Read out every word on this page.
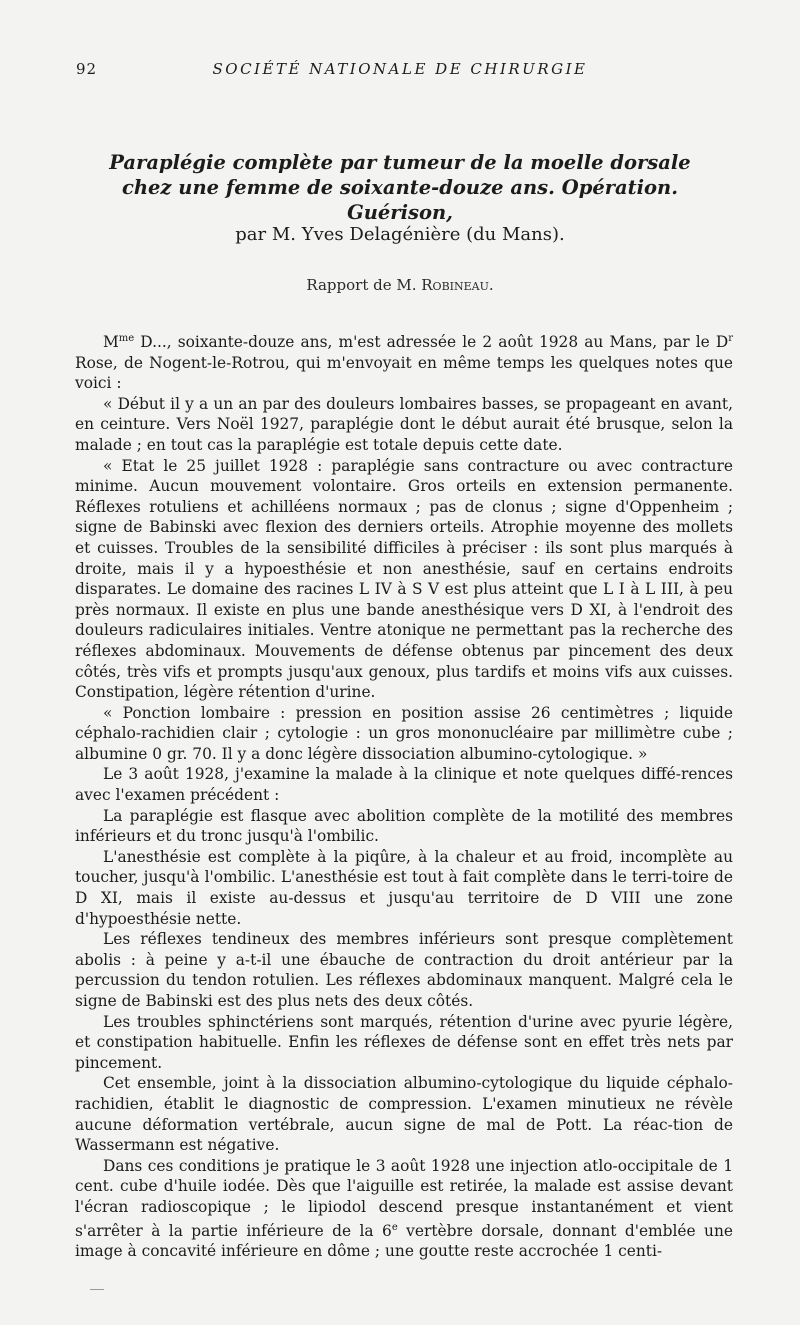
92	SOCIÉTÉ NATIONALE DE CHIRURGIE
Paraplégie complète par tumeur de la moelle dorsale
chez une femme de soixante-douze ans. Opération. Guérison,
par M. Yves Delagénière (du Mans).
Rapport de M. Robineau.

$M^{me}$ D..., soixante-douze ans, m'est adressée le 2 août 1928 au Mans, par le $D^r$ Rose, de Nogent-le-Rotrou, qui m'envoyait en même temps les quelques notes que voici :

« Début il y a un an par des douleurs lombaires basses, se propageant en avant, en ceinture. Vers Noël 1927, paraplégie dont le début aurait été brusque, selon la malade ; en tout cas la paraplégie est totale depuis cette date.

« Etat le 25 juillet 1928 : paraplégie sans contracture ou avec contracture minime. Aucun mouvement volontaire. Gros orteils en extension permanente. Réflexes rotuliens et achilléens normaux ; pas de clonus ; signe d'Oppenheim ; signe de Babinski avec flexion des derniers orteils. Atrophie moyenne des mollets et cuisses. Troubles de la sensibilité difficiles à préciser : ils sont plus marqués à droite, mais il y a hypoesthésie et non anesthésie, sauf en certains endroits disparates. Le domaine des racines L IV à S V est plus atteint que L I à L III, à peu près normaux. Il existe en plus une bande anesthésique vers D XI, à l'endroit des douleurs radiculaires initiales. Ventre atonique ne permettant pas la recherche des réflexes abdominaux. Mouvements de défense obtenus par pincement des deux côtés, très vifs et prompts jusqu'aux genoux, plus tardifs et moins vifs aux cuisses. Constipation, légère rétention d'urine.

« Ponction lombaire : pression en position assise 26 centimètres ; liquide céphalo-rachidien clair ; cytologie : un gros mononucléaire par millimètre cube ; albumine 0 gr. 70. Il y a donc légère dissociation albumino-cytologique. »

Le 3 août 1928, j'examine la malade à la clinique et note quelques diffé-rences avec l'examen précédent :

La paraplégie est flasque avec abolition complète de la motilité des membres inférieurs et du tronc jusqu'à l'ombilic.

L'anesthésie est complète à la piqûre, à la chaleur et au froid, incomplète au toucher, jusqu'à l'ombilic. L'anesthésie est tout à fait complète dans le terri-toire de D XI, mais il existe au-dessus et jusqu'au territoire de D VIII une zone d'hypoesthésie nette.

Les réflexes tendineux des membres inférieurs sont presque complètement abolis : à peine y a-t-il une ébauche de contraction du droit antérieur par la percussion du tendon rotulien. Les réflexes abdominaux manquent. Malgré cela le signe de Babinski est des plus nets des deux côtés.

Les troubles sphinctériens sont marqués, rétention d'urine avec pyurie légère, et constipation habituelle. Enfin les réflexes de défense sont en effet très nets par pincement.

Cet ensemble, joint à la dissociation albumino-cytologique du liquide céphalo-rachidien, établit le diagnostic de compression. L'examen minutieux ne révèle aucune déformation vertébrale, aucun signe de mal de Pott. La réac-tion de Wassermann est négative.

Dans ces conditions je pratique le 3 août 1928 une injection atlo-occipitale de 1 cent. cube d'huile iodée. Dès que l'aiguille est retirée, la malade est assise devant l'écran radioscopique ; le lipiodol descend presque instantanément et vient s'arrêter à la partie inférieure de la 6e vertèbre dorsale, donnant d'emblée une image à concavité inférieure en dôme ; une goutte reste accrochée 1 centi-
